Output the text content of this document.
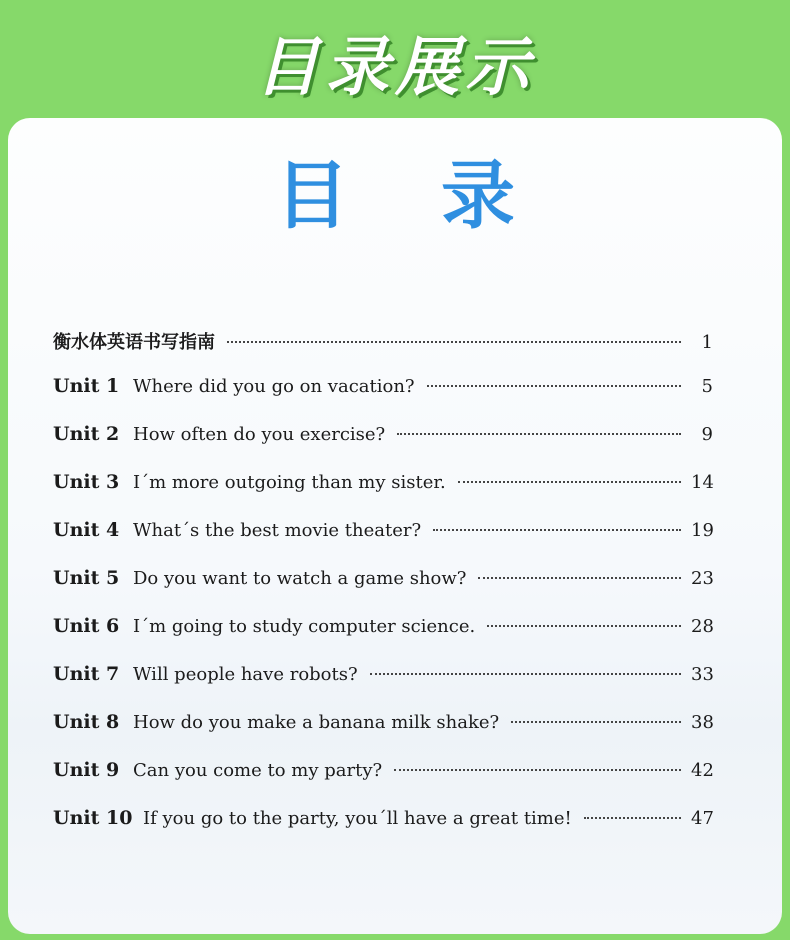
目录展示
目 录
衡水体英语书写指南	1
Unit 1 Where did you go on vacation?	5
Unit 2 How often do you exercise?	9
Unit 3 I´m more outgoing than my sister.	14
Unit 4 What´s the best movie theater?	19
Unit 5 Do you want to watch a game show?	23
Unit 6 I´m going to study computer science.	28
Unit 7 Will people have robots?	33
Unit 8 How do you make a banana milk shake?	38
Unit 9 Can you come to my party?	42
Unit 10 If you go to the party, you´ll have a great time!	47
